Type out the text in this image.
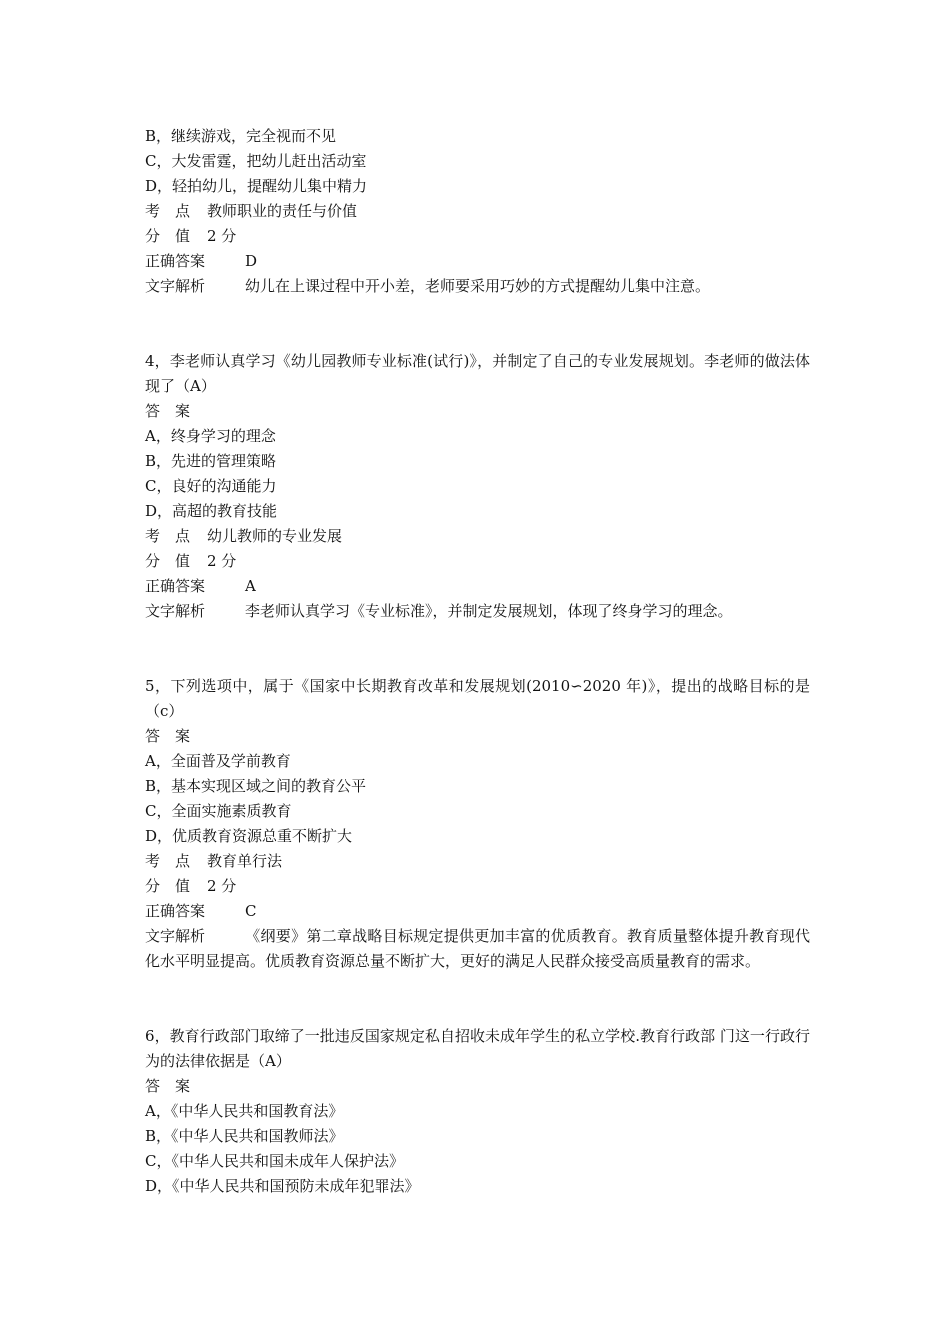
B，继续游戏，完全视而不见
C，大发雷霆，把幼儿赶出活动室
D，轻拍幼儿，提醒幼儿集中精力
考　点 教师职业的责任与价值
分　值 2 分
正确答案	D
文字解析	幼儿在上课过程中开小差，老师要采用巧妙的方式提醒幼儿集中注意。
4，李老师认真学习《幼儿园教师专业标准(试行)》，并制定了自己的专业发展规划。李老师的做法体现了（A）
答　案
A，终身学习的理念
B，先进的管理策略
C，良好的沟通能力
D，高超的教育技能
考　点 幼儿教师的专业发展
分　值 2 分
正确答案	A
文字解析	李老师认真学习《专业标准》，并制定发展规划，体现了终身学习的理念。
5，下列选项中，属于《国家中长期教育改革和发展规划(2010∽2020 年)》，提出的战略目标的是（c）
答　案
A，全面普及学前教育
B，基本实现区域之间的教育公平
C，全面实施素质教育
D，优质教育资源总重不断扩大
考　点 教育单行法
分　值 2 分
正确答案	C
文字解析	《纲要》第二章战略目标规定提供更加丰富的优质教育。教育质量整体提升教育现代化水平明显提高。优质教育资源总量不断扩大，更好的满足人民群众接受高质量教育的需求。
6，教育行政部门取缔了一批违反国家规定私自招收未成年学生的私立学校.教育行政部 门这一行政行为的法律依据是（A）
答　案
A，《中华人民共和国教育法》
B，《中华人民共和国教师法》
C，《中华人民共和国未成年人保护法》
D，《中华人民共和国预防未成年犯罪法》
